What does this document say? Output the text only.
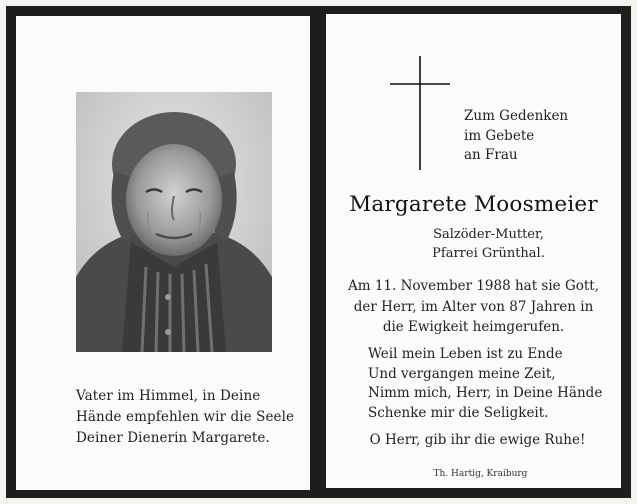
Vater im Himmel, in Deine
Hände empfehlen wir die Seele
Deiner Dienerin Margarete.
Zum Gedenken
im Gebete
an Frau
Margarete Moosmeier
Salzöder-Mutter,
Pfarrei Grünthal.
Am 11. November 1988 hat sie Gott,
der Herr, im Alter von 87 Jahren in
die Ewigkeit heimgerufen.
Weil mein Leben ist zu Ende
Und vergangen meine Zeit,
Nimm mich, Herr, in Deine Hände
Schenke mir die Seligkeit.
O Herr, gib ihr die ewige Ruhe!
Th. Hartig, Kraiburg
